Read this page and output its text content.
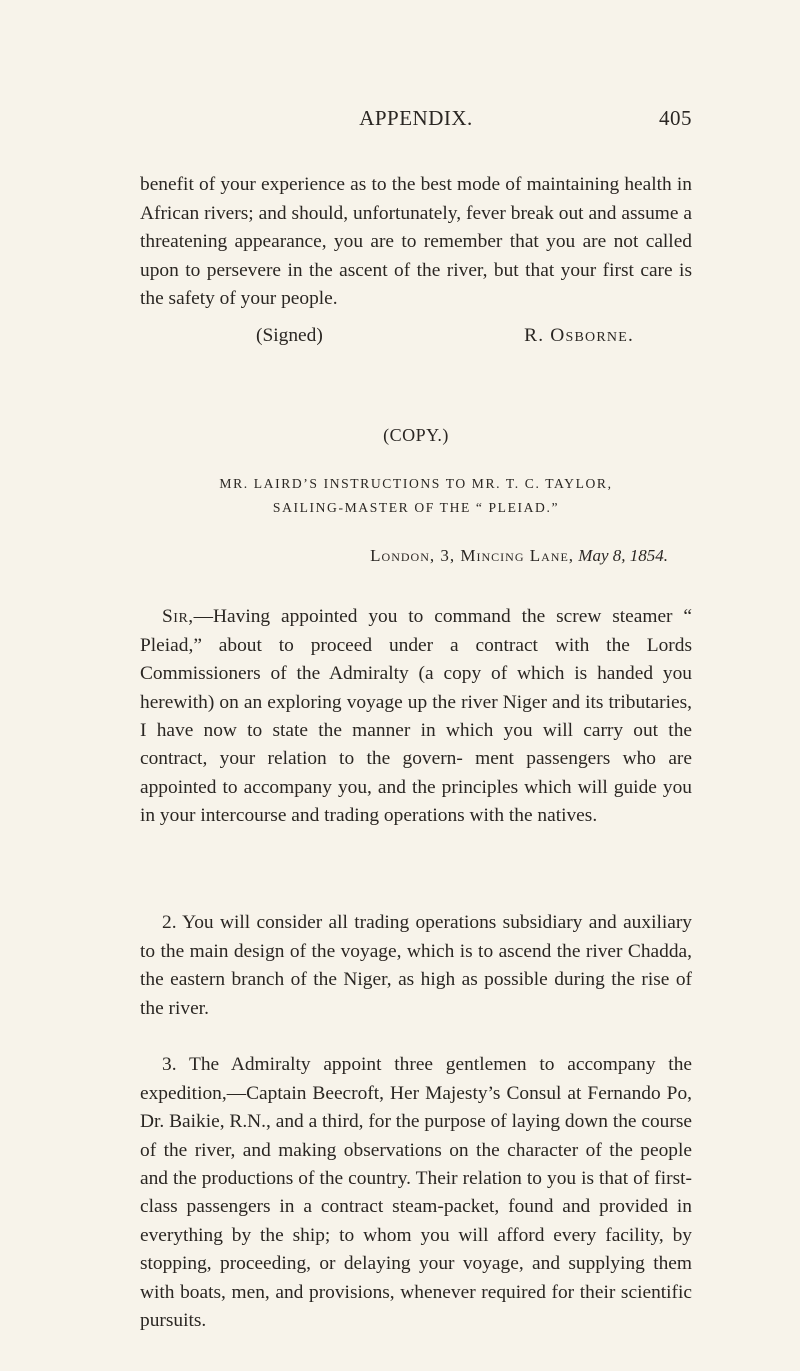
APPENDIX.	405

benefit of your experience as to the best mode of maintaining health in African rivers; and should, unfortunately, fever break out and assume a threatening appearance, you are to remember that you are not called upon to persevere in the ascent of the river, but that your first care is the safety of your people.

(Signed)	R. Osborne.
(COPY.)
MR. LAIRD’S INSTRUCTIONS TO MR. T. C. TAYLOR,
SAILING-MASTER OF THE “ PLEIAD.”
London, 3, Mincing Lane, May 8, 1854.

Sir,—Having appointed you to command the screw steamer “ Pleiad,” about to proceed under a contract with the Lords Commissioners of the Admiralty (a copy of which is handed you herewith) on an exploring voyage up the river Niger and its tributaries, I have now to state the manner in which you will carry out the contract, your relation to the govern- ment passengers who are appointed to accompany you, and the principles which will guide you in your intercourse and trading operations with the natives.

2. You will consider all trading operations subsidiary and auxiliary to the main design of the voyage, which is to ascend the river Chadda, the eastern branch of the Niger, as high as possible during the rise of the river.

3. The Admiralty appoint three gentlemen to accompany the expedition,—Captain Beecroft, Her Majesty’s Consul at Fernando Po, Dr. Baikie, R.N., and a third, for the purpose of laying down the course of the river, and making observations on the character of the people and the productions of the country. Their relation to you is that of first-class passengers in a contract steam-packet, found and provided in everything by the ship; to whom you will afford every facility, by stopping, proceeding, or delaying your voyage, and supplying them with boats, men, and provisions, whenever required for their scientific pursuits.
